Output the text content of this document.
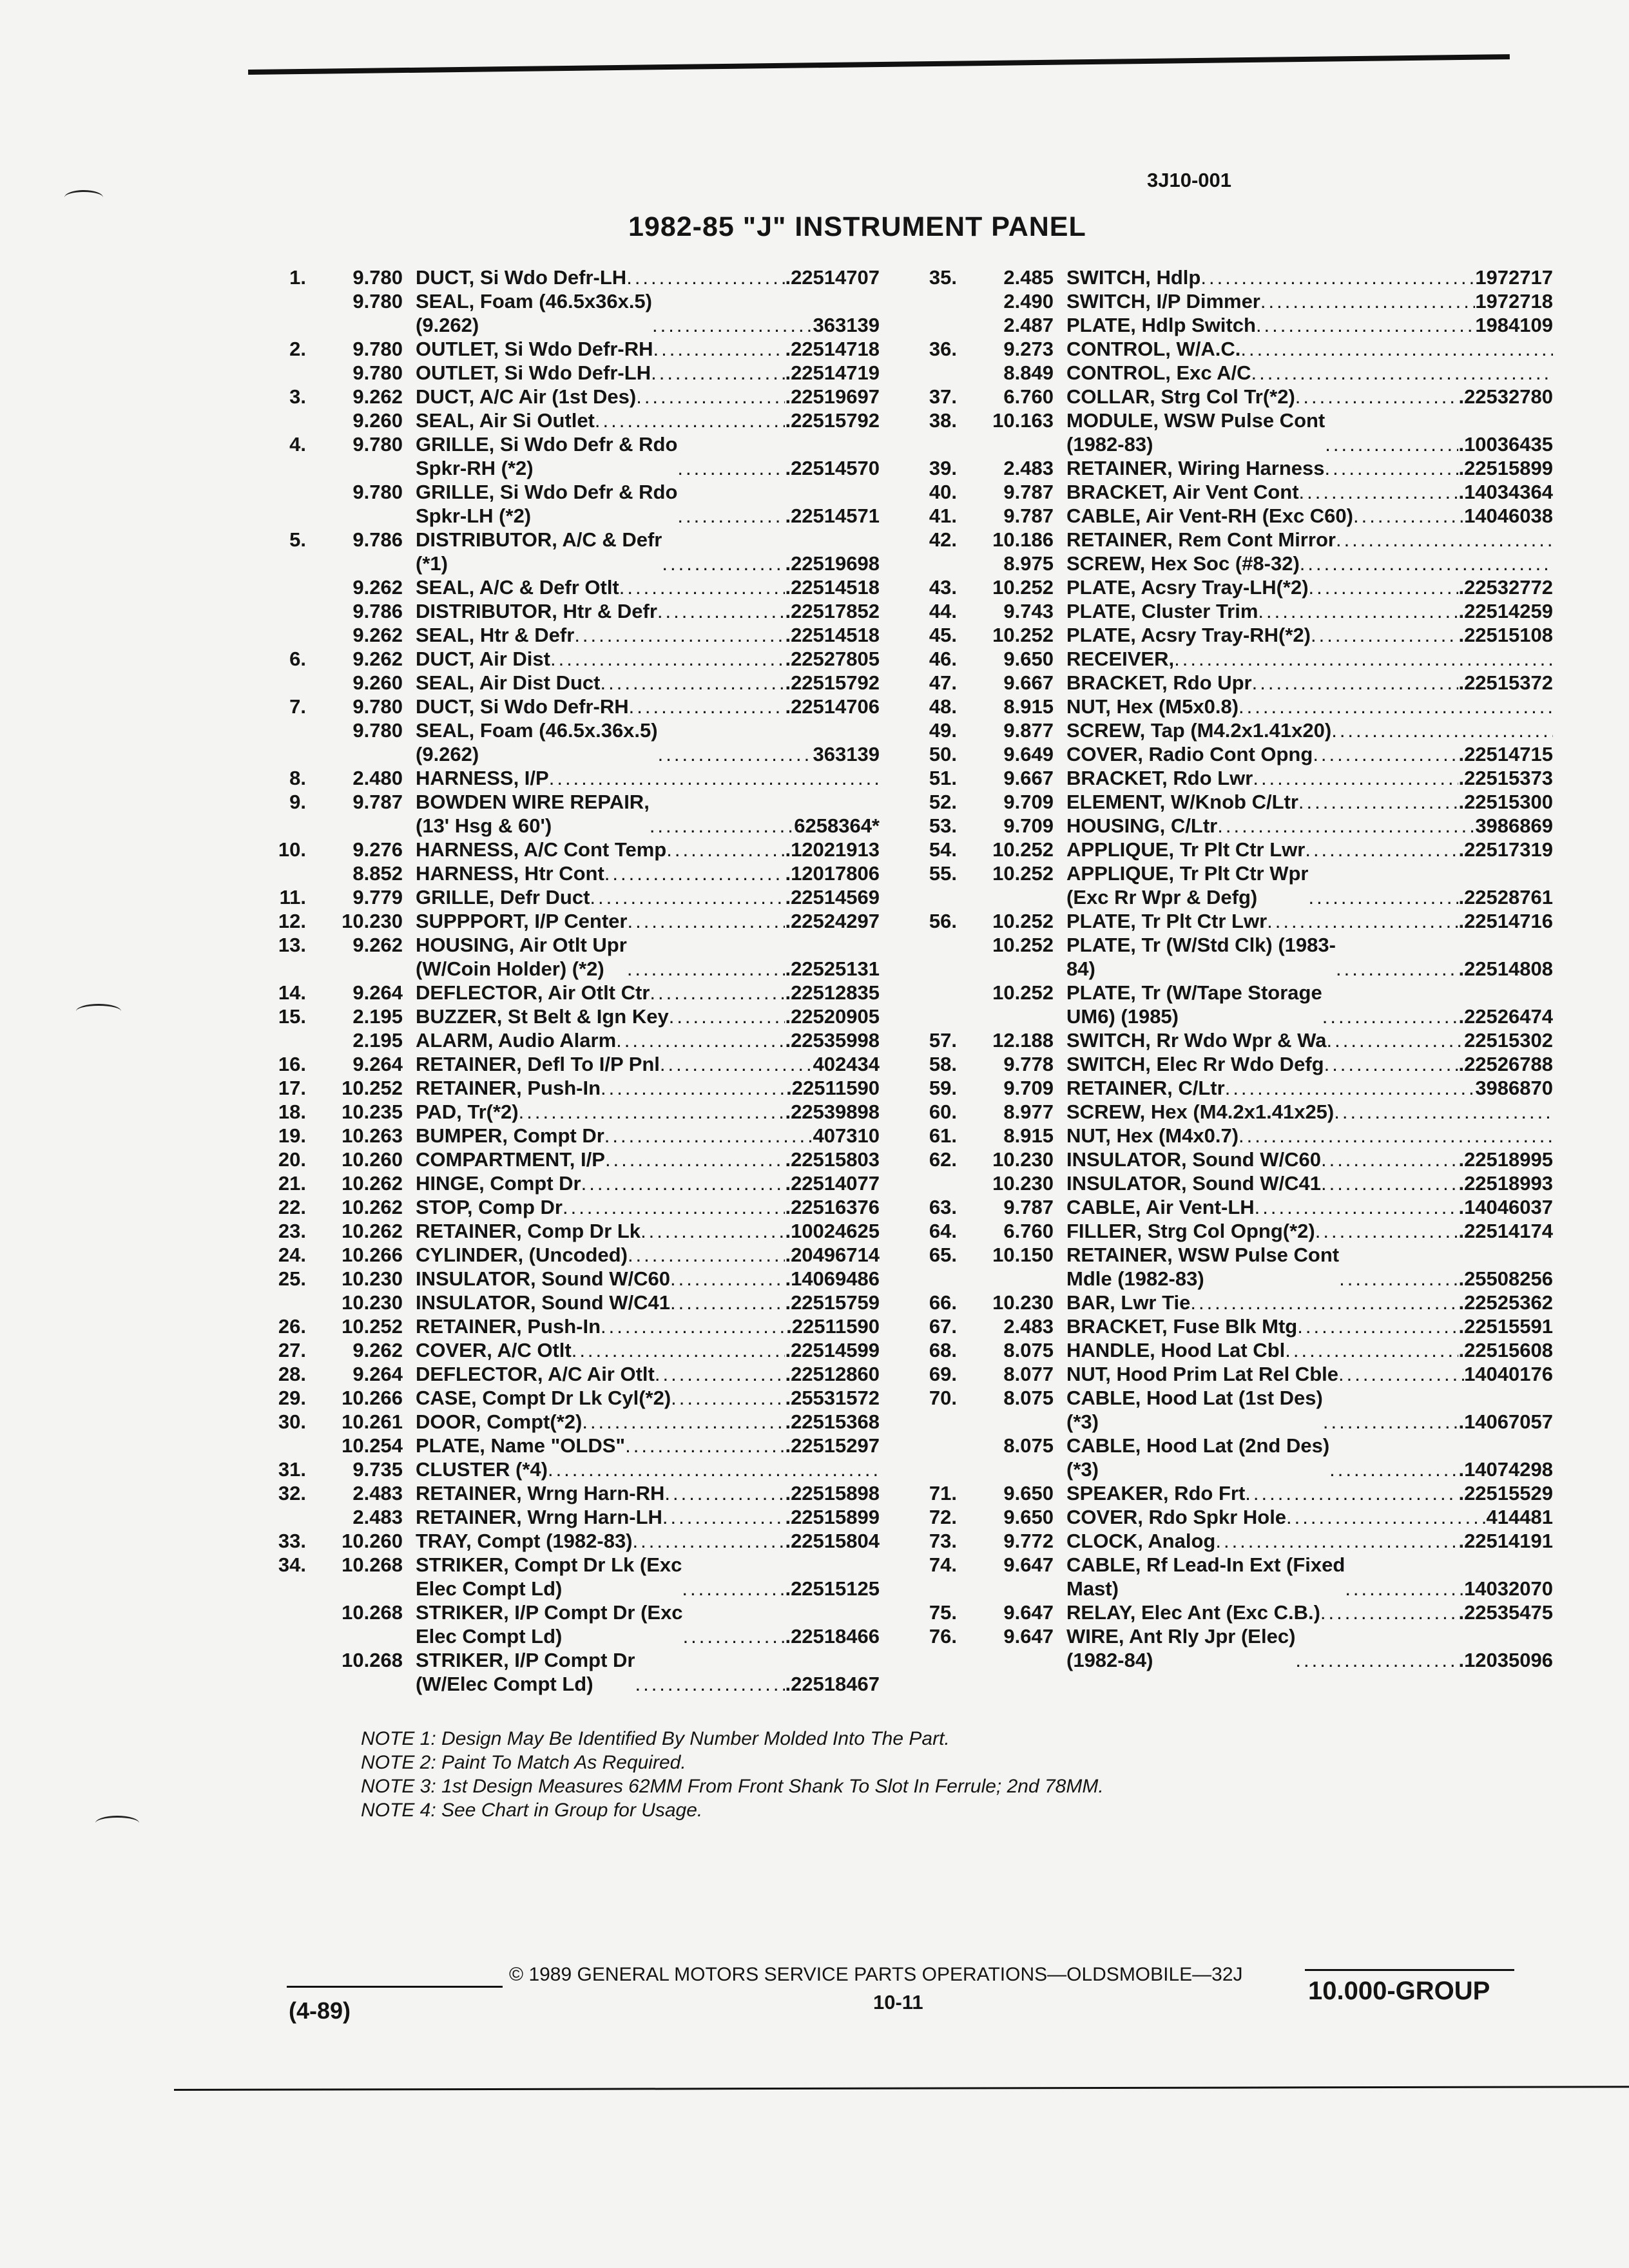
3J10-001
1982-85 "J" INSTRUMENT PANEL
1.	9.780 DUCT, Si Wdo Defr-LH .....	.22514707
9.780 SEAL, Foam (46.5x36x.5)
(9.262) .....	363139
2.	9.780 OUTLET, Si Wdo Defr-RH .....	.22514718
9.780 OUTLET, Si Wdo Defr-LH .....	.22514719
3.	9.262 DUCT, A/C Air (1st Des) .....	.22519697
9.260 SEAL, Air Si Outlet .....	.22515792
4.	9.780 GRILLE, Si Wdo Defr & Rdo
Spkr-RH (*2) .....	.22514570
9.780 GRILLE, Si Wdo Defr & Rdo
Spkr-LH (*2) .....	.22514571
5.	9.786 DISTRIBUTOR, A/C & Defr
(*1) .....	.22519698
9.262 SEAL, A/C & Defr Otlt .....	.22514518
9.786 DISTRIBUTOR, Htr & Defr .....	.22517852
9.262 SEAL, Htr & Defr .....	.22514518
6.	9.262 DUCT, Air Dist .....	.22527805
9.260 SEAL, Air Dist Duct .....	.22515792
7.	9.780 DUCT, Si Wdo Defr-RH .....	.22514706
9.780 SEAL, Foam (46.5x.36x.5)
(9.262) .....	363139
8.	2.480 HARNESS, I/P
.....
9.	9.787 BOWDEN WIRE REPAIR,
(13' Hsg & 60') .....	6258364*
10.	9.276 HARNESS, A/C Cont Temp .....	.12021913
8.852 HARNESS, Htr Cont .....	.12017806
11.	9.779 GRILLE, Defr Duct .....	.22514569
12.	10.230 SUPPPORT, I/P Center .....	.22524297
13.	9.262 HOUSING, Air Otlt Upr
(W/Coin Holder) (*2) .....	.22525131
14.	9.264 DEFLECTOR, Air Otlt Ctr .....	.22512835
15.	2.195 BUZZER, St Belt & Ign Key .....	.22520905
2.195 ALARM, Audio Alarm .....	.22535998
16.	9.264 RETAINER, Defl To I/P Pnl .....	402434
17.	10.252 RETAINER, Push-In .....	.22511590
18.	10.235 PAD, Tr(*2) .....	.22539898
19.	10.263 BUMPER, Compt Dr .....	407310
20.	10.260 COMPARTMENT, I/P .....	.22515803
21.	10.262 HINGE, Compt Dr .....	.22514077
22.	10.262 STOP, Comp Dr .....	.22516376
23.	10.262 RETAINER, Comp Dr Lk .....	.10024625
24.	10.266 CYLINDER, (Uncoded) .....	.20496714
25.	10.230 INSULATOR, Sound W/C60 .....	.14069486
10.230 INSULATOR, Sound W/C41 .....	.22515759
26.	10.252 RETAINER, Push-In .....	.22511590
27.	9.262 COVER, A/C Otlt .....	.22514599
28.	9.264 DEFLECTOR, A/C Air Otlt .....	.22512860
29.	10.266 CASE, Compt Dr Lk Cyl(*2) .....	.25531572
30.	10.261 DOOR, Compt(*2) .....	.22515368
10.254 PLATE, Name "OLDS" .....	.22515297
31.	9.735 CLUSTER (*4)
.....
32.	2.483 RETAINER, Wrng Harn-RH .....	.22515898
2.483 RETAINER, Wrng Harn-LH .....	.22515899
33.	10.260 TRAY, Compt (1982-83) .....	.22515804
34.	10.268 STRIKER, Compt Dr Lk (Exc
Elec Compt Ld) .....	.22515125
10.268 STRIKER, I/P Compt Dr (Exc
Elec Compt Ld) .....	.22518466
10.268 STRIKER, I/P Compt Dr
(W/Elec Compt Ld) .....	.22518467
35.	2.485 SWITCH, Hdlp .....	1972717
2.490 SWITCH, I/P Dimmer .....	1972718
2.487 PLATE, Hdlp Switch .....	1984109
36.	9.273 CONTROL, W/A.C.
.....
8.849 CONTROL, Exc A/C
.....
37.	6.760 COLLAR, Strg Col Tr(*2) .....	.22532780
38.	10.163 MODULE, WSW Pulse Cont
(1982-83) .....	.10036435
39.	2.483 RETAINER, Wiring Harness .....	.22515899
40.	9.787 BRACKET, Air Vent Cont .....	.14034364
41.	9.787 CABLE, Air Vent-RH (Exc C60) .....	14046038
42.	10.186 RETAINER, Rem Cont Mirror
.....
8.975 SCREW, Hex Soc (#8-32)
.....
43.	10.252 PLATE, Acsry Tray-LH(*2) .....	.22532772
44.	9.743 PLATE, Cluster Trim .....	.22514259
45.	10.252 PLATE, Acsry Tray-RH(*2) .....	.22515108
46.	9.650 RECEIVER,
.....
47.	9.667 BRACKET, Rdo Upr .....	.22515372
48.	8.915 NUT, Hex (M5x0.8)
.....
49.	9.877 SCREW, Tap (M4.2x1.41x20)
.....
50.	9.649 COVER, Radio Cont Opng .....	.22514715
51.	9.667 BRACKET, Rdo Lwr .....	.22515373
52.	9.709 ELEMENT, W/Knob C/Ltr .....	.22515300
53.	9.709 HOUSING, C/Ltr .....	3986869
54.	10.252 APPLIQUE, Tr Plt Ctr Lwr .....	.22517319
55.	10.252 APPLIQUE, Tr Plt Ctr Wpr
(Exc Rr Wpr & Defg) .....	.22528761
56.	10.252 PLATE, Tr Plt Ctr Lwr .....	.22514716
10.252 PLATE, Tr (W/Std Clk) (1983-
84) .....	.22514808
10.252 PLATE, Tr (W/Tape Storage
UM6) (1985) .....	.22526474
57.	12.188 SWITCH, Rr Wdo Wpr & Wa .....	22515302
58.	9.778 SWITCH, Elec Rr Wdo Defg .....	.22526788
59.	9.709 RETAINER, C/Ltr .....	3986870
60.	8.977 SCREW, Hex (M4.2x1.41x25)
.....
61.	8.915 NUT, Hex (M4x0.7)
.....
62.	10.230 INSULATOR, Sound W/C60 .....	.22518995
10.230 INSULATOR, Sound W/C41 .....	.22518993
63.	9.787 CABLE, Air Vent-LH .....	.14046037
64.	6.760 FILLER, Strg Col Opng(*2) .....	.22514174
65.	10.150 RETAINER, WSW Pulse Cont
Mdle (1982-83) .....	.25508256
66.	10.230 BAR, Lwr Tie .....	.22525362
67.	2.483 BRACKET, Fuse Blk Mtg .....	.22515591
68.	8.075 HANDLE, Hood Lat Cbl .....	.22515608
69.	8.077 NUT, Hood Prim Lat Rel Cble .....	14040176
70.	8.075 CABLE, Hood Lat (1st Des)
(*3) .....	.14067057
8.075 CABLE, Hood Lat (2nd Des)
(*3) .....	.14074298
71.	9.650 SPEAKER, Rdo Frt .....	.22515529
72.	9.650 COVER, Rdo Spkr Hole .....	414481
73.	9.772 CLOCK, Analog .....	.22514191
74.	9.647 CABLE, Rf Lead-In Ext (Fixed
Mast) .....	14032070
75.	9.647 RELAY, Elec Ant (Exc C.B.) .....	.22535475
76.	9.647 WIRE, Ant Rly Jpr (Elec)
(1982-84) .....	.12035096
NOTE 1: Design May Be Identified By Number Molded Into The Part.
NOTE 2: Paint To Match As Required.
NOTE 3: 1st Design Measures 62MM From Front Shank To Slot In Ferrule; 2nd 78MM.
NOTE 4: See Chart in Group for Usage.
© 1989 GENERAL MOTORS SERVICE PARTS OPERATIONS—OLDSMOBILE—32J
(4-89)	10-11	10.000-GROUP
